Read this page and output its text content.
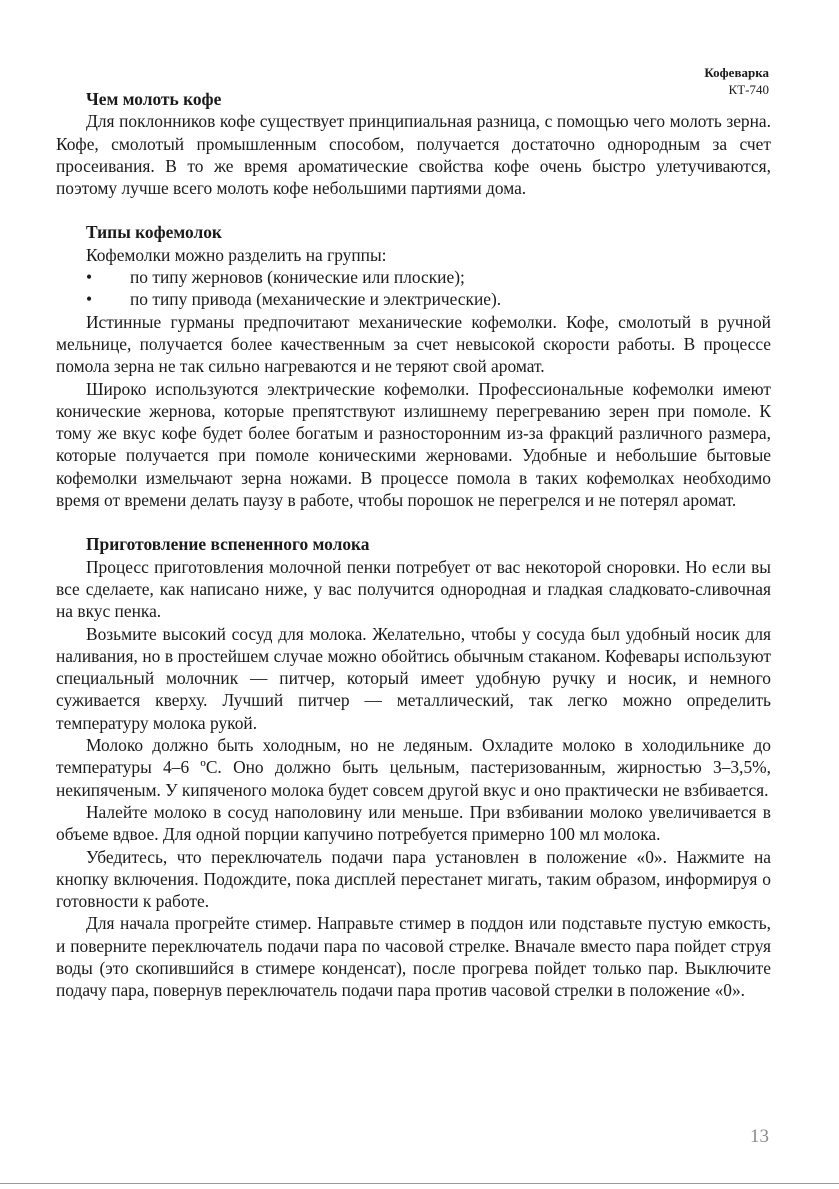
Кофеварка
КТ-740
Чем молоть кофе

Для поклонников кофе существует принципиальная разница, с помощью чего молоть зерна. Кофе, смолотый промышленным способом, получается достаточно однородным за счет просеивания. В то же время ароматические свойства кофе очень быстро улетучиваются, поэтому лучше всего молоть кофе небольшими партиями дома.

Типы кофемолок

Кофемолки можно разделить на группы:

• по типу жерновов (конические или плоские);
• по типу привода (механические и электрические).

Истинные гурманы предпочитают механические кофемолки. Кофе, смолотый в ручной мельнице, получается более качественным за счет невысокой скорости работы. В процессе помола зерна не так сильно нагреваются и не теряют свой аромат.

Широко используются электрические кофемолки. Профессиональные кофемолки имеют конические жернова, которые препятствуют излишнему перегреванию зерен при помоле. К тому же вкус кофе будет более богатым и разносторонним из-за фракций различного размера, которые получается при помоле коническими жерновами. Удобные и небольшие бытовые кофемолки измельчают зерна ножами. В процессе помола в таких кофемолках необходимо время от времени делать паузу в работе, чтобы порошок не перегрелся и не потерял аромат.

Приготовление вспененного молока

Процесс приготовления молочной пенки потребует от вас некоторой сноровки. Но если вы все сделаете, как написано ниже, у вас получится однородная и гладкая сладковато-сливочная на вкус пенка.

Возьмите высокий сосуд для молока. Желательно, чтобы у сосуда был удобный носик для наливания, но в простейшем случае можно обойтись обычным стаканом. Кофевары используют специальный молочник — питчер, который имеет удобную ручку и носик, и немного суживается кверху. Лучший питчер — металлический, так легко можно определить температуру молока рукой.

Молоко должно быть холодным, но не ледяным. Охладите молоко в холодильнике до температуры 4–6 ºC. Оно должно быть цельным, пастеризованным, жирностью 3–3,5%, некипяченым. У кипяченого молока будет совсем другой вкус и оно практически не взбивается.

Налейте молоко в сосуд наполовину или меньше. При взбивании молоко увеличивается в объеме вдвое. Для одной порции капучино потребуется примерно 100 мл молока.

Убедитесь, что переключатель подачи пара установлен в положение «0». Нажмите на кнопку включения. Подождите, пока дисплей перестанет мигать, таким образом, информируя о готовности к работе.

Для начала прогрейте стимер. Направьте стимер в поддон или подставьте пустую емкость, и поверните переключатель подачи пара по часовой стрелке. Вначале вместо пара пойдет струя воды (это скопившийся в стимере конденсат), после прогрева пойдет только пар. Выключите подачу пара, повернув переключатель подачи пара против часовой стрелки в положение «0».

13
